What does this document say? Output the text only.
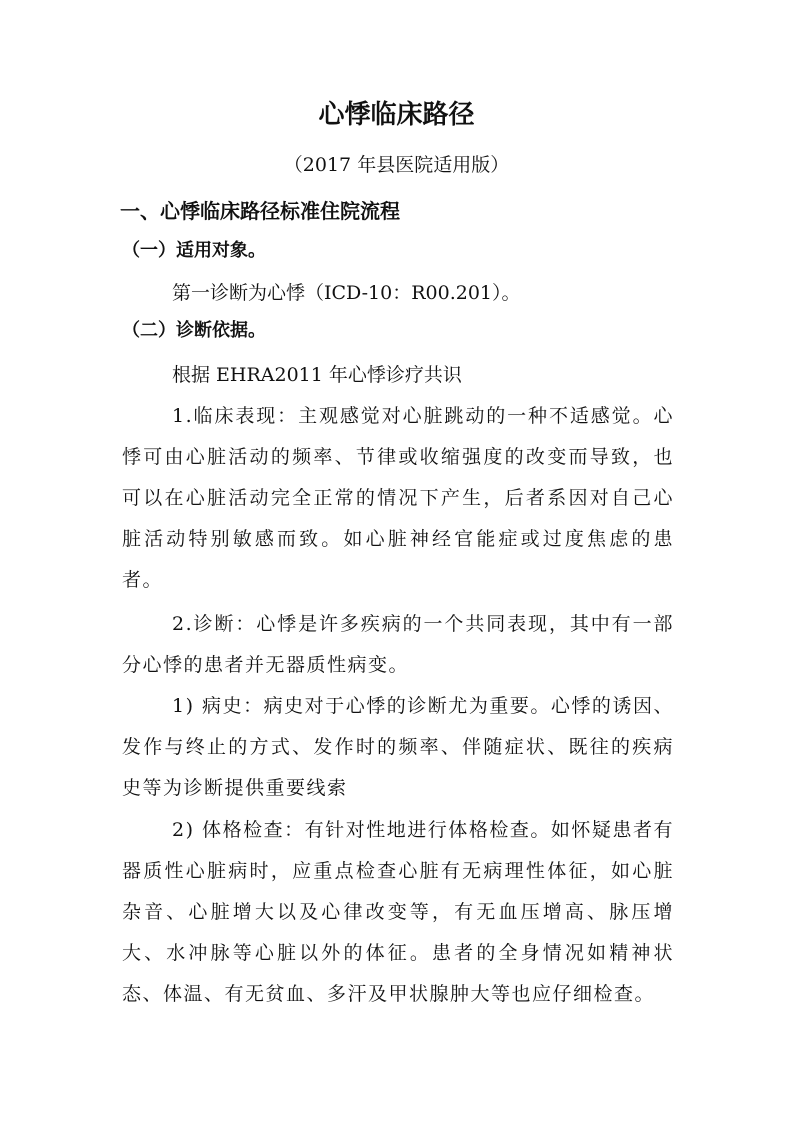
心悸临床路径

（2017 年县医院适用版）

一、心悸临床路径标准住院流程
（一）适用对象。

第一诊断为心悸（ICD-10：R00.201）。

（二）诊断依据。

根据 EHRA2011 年心悸诊疗共识

1.临床表现：主观感觉对心脏跳动的一种不适感觉。心悸可由心脏活动的频率、节律或收缩强度的改变而导致，也可以在心脏活动完全正常的情况下产生，后者系因对自己心脏活动特别敏感而致。如心脏神经官能症或过度焦虑的患者。

2.诊断：心悸是许多疾病的一个共同表现，其中有一部分心悸的患者并无器质性病变。

1) 病史：病史对于心悸的诊断尤为重要。心悸的诱因、发作与终止的方式、发作时的频率、伴随症状、既往的疾病史等为诊断提供重要线索

2) 体格检查：有针对性地进行体格检查。如怀疑患者有器质性心脏病时，应重点检查心脏有无病理性体征，如心脏杂音、心脏增大以及心律改变等，有无血压增高、脉压增大、水冲脉等心脏以外的体征。患者的全身情况如精神状态、体温、有无贫血、多汗及甲状腺肿大等也应仔细检查。
